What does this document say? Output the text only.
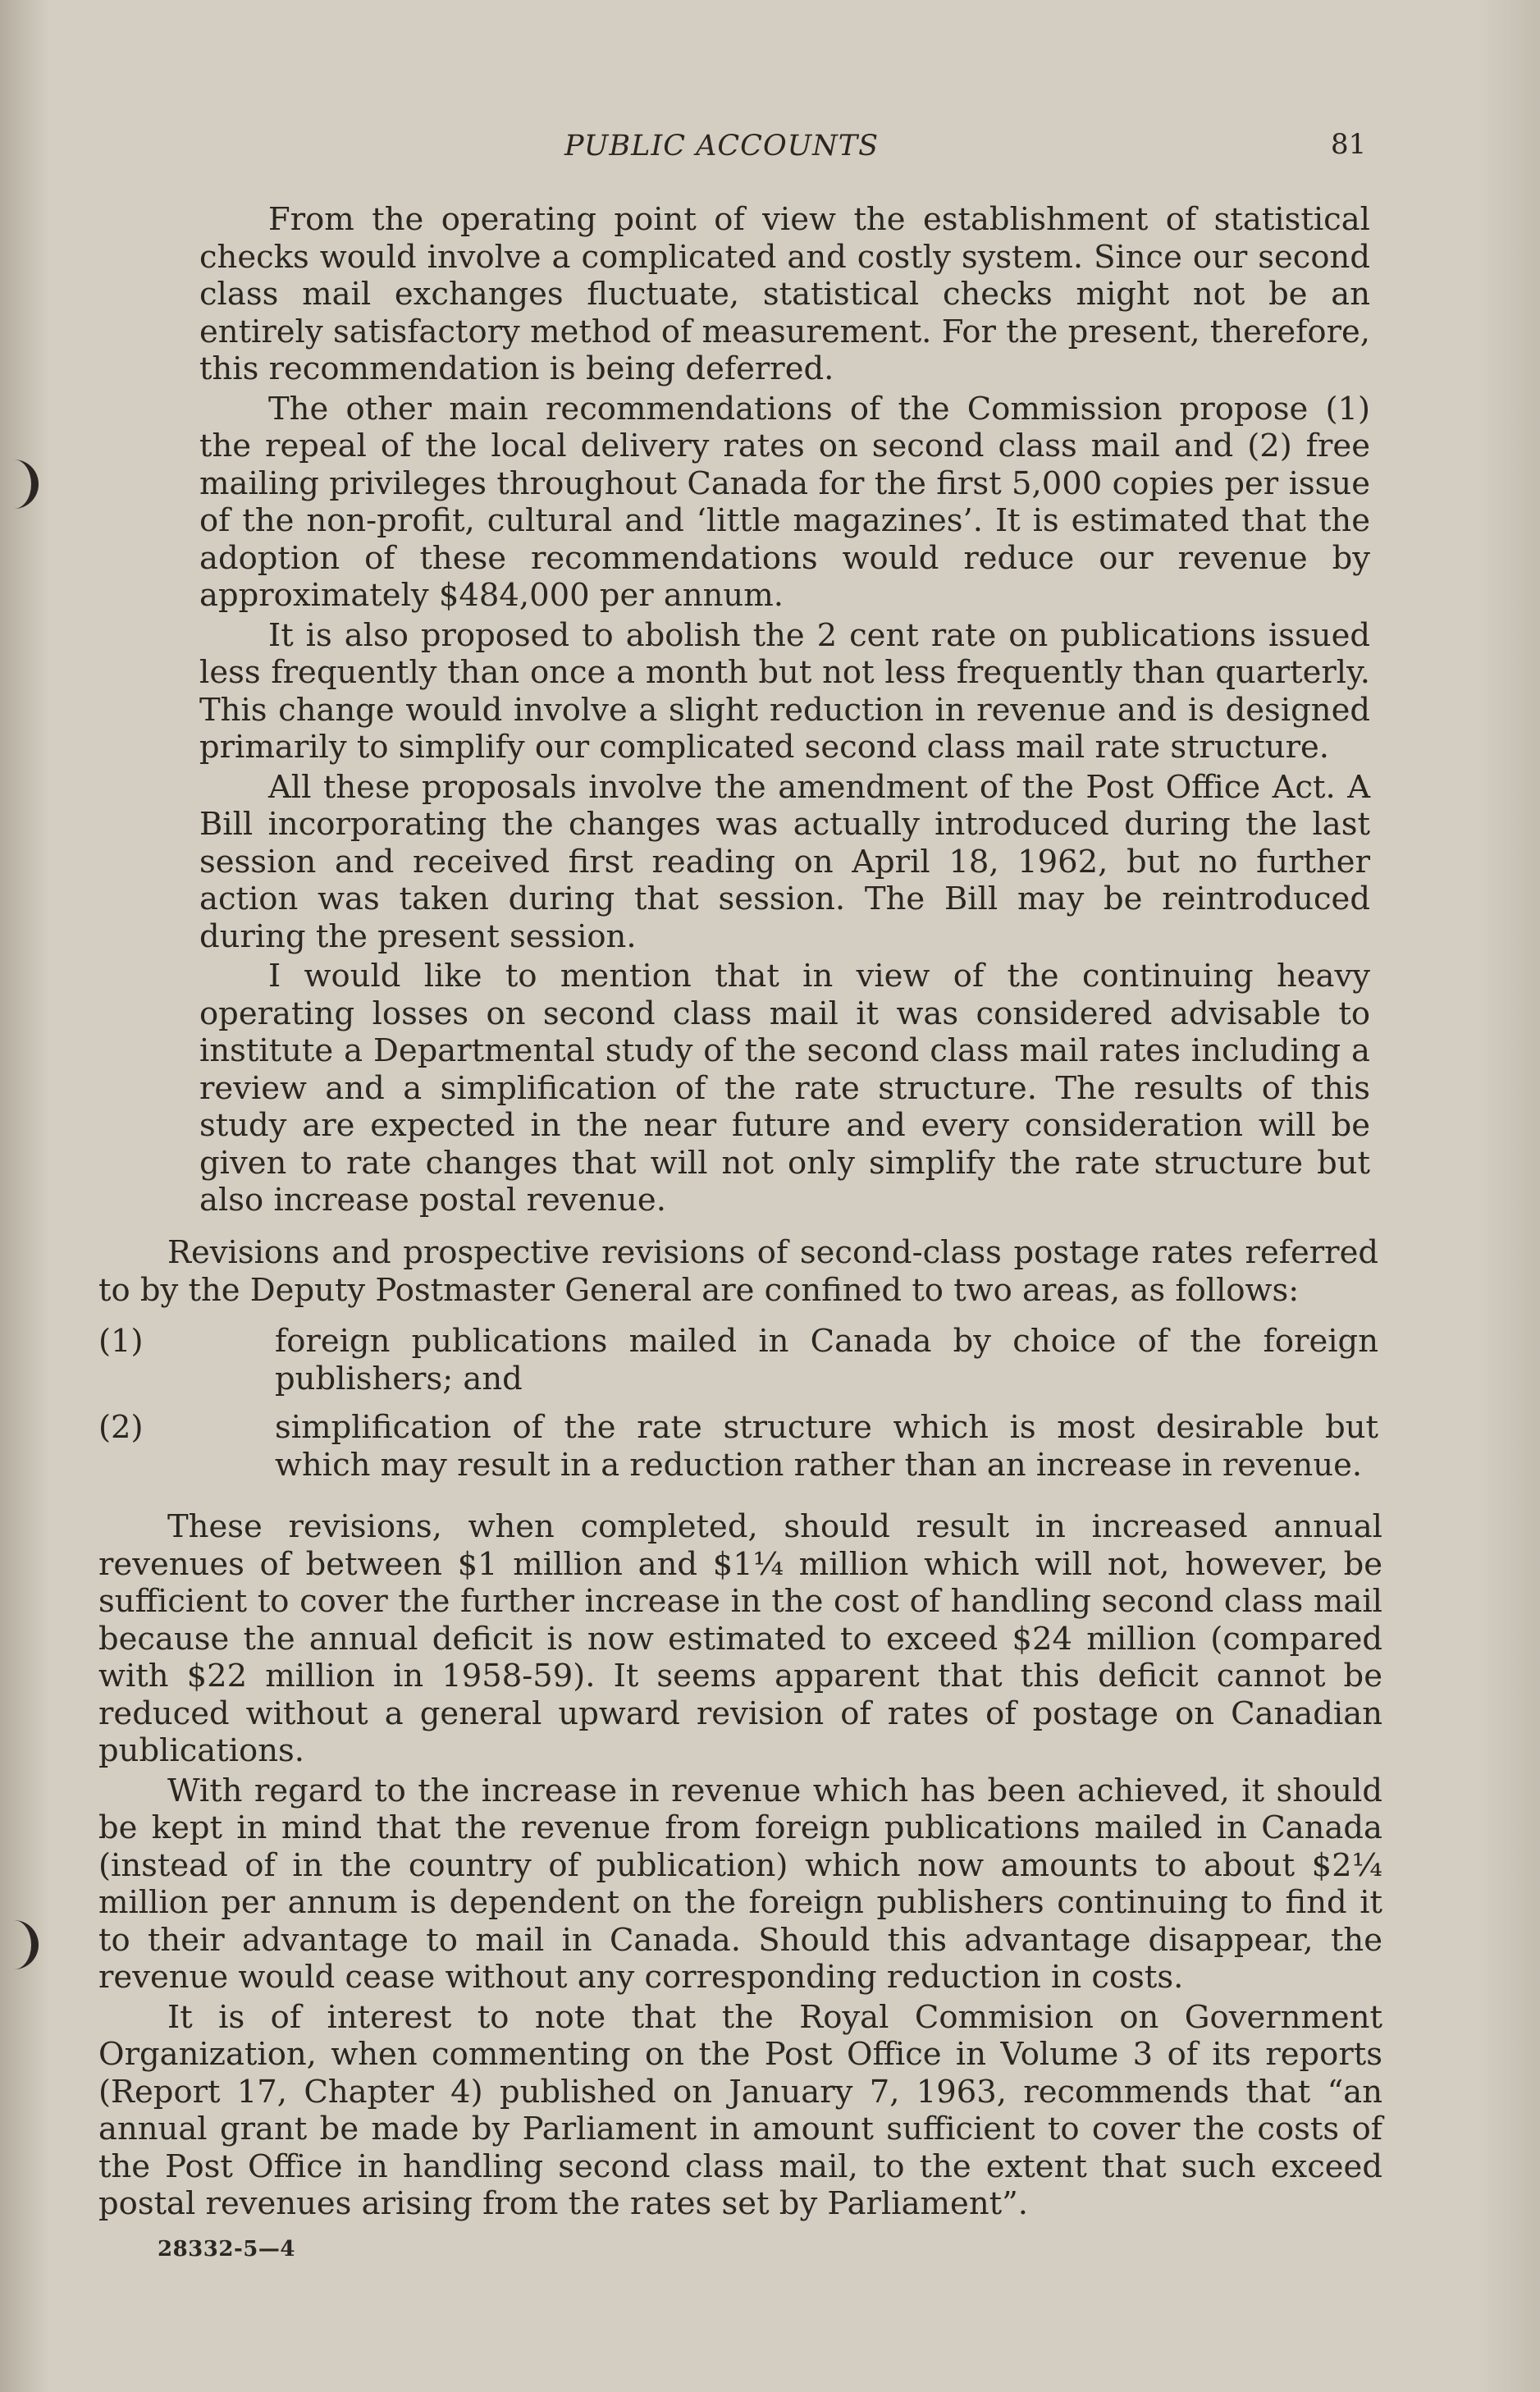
PUBLIC ACCOUNTS	81

From the operating point of view the establishment of statistical checks would involve a complicated and costly system. Since our second class mail exchanges fluctuate, statistical checks might not be an entirely satisfactory method of measurement. For the present, therefore, this recommendation is being deferred.

The other main recommendations of the Commission propose (1) the repeal of the local delivery rates on second class mail and (2) free mailing privileges throughout Canada for the first 5,000 copies per issue of the non-profit, cultural and ‘little magazines’. It is estimated that the adoption of these recommendations would reduce our revenue by approximately $484,000 per annum.

It is also proposed to abolish the 2 cent rate on publications issued less frequently than once a month but not less frequently than quarterly. This change would involve a slight reduction in revenue and is designed primarily to simplify our complicated second class mail rate structure.

All these proposals involve the amendment of the Post Office Act. A Bill incorporating the changes was actually introduced during the last session and received first reading on April 18, 1962, but no further action was taken during that session. The Bill may be reintroduced during the present session.

I would like to mention that in view of the continuing heavy operating losses on second class mail it was considered advisable to institute a Departmental study of the second class mail rates including a review and a simplification of the rate structure. The results of this study are expected in the near future and every consideration will be given to rate changes that will not only simplify the rate structure but also increase postal revenue.

Revisions and prospective revisions of second-class postage rates referred to by the Deputy Postmaster General are confined to two areas, as follows:

(1)	foreign publications mailed in Canada by choice of the foreign publishers; and
(2)	simplification of the rate structure which is most desirable but which may result in a reduction rather than an increase in revenue.

These revisions, when completed, should result in increased annual revenues of between $1 million and $1¼ million which will not, however, be sufficient to cover the further increase in the cost of handling second class mail because the annual deficit is now estimated to exceed $24 million (compared with $22 million in 1958-59). It seems apparent that this deficit cannot be reduced without a general upward revision of rates of postage on Canadian publications.

With regard to the increase in revenue which has been achieved, it should be kept in mind that the revenue from foreign publications mailed in Canada (instead of in the country of publication) which now amounts to about $2¼ million per annum is dependent on the foreign publishers continuing to find it to their advantage to mail in Canada. Should this advantage disappear, the revenue would cease without any corresponding reduction in costs.

It is of interest to note that the Royal Commision on Government Organization, when commenting on the Post Office in Volume 3 of its reports (Report 17, Chapter 4) published on January 7, 1963, recommends that “an annual grant be made by Parliament in amount sufficient to cover the costs of the Post Office in handling second class mail, to the extent that such exceed postal revenues arising from the rates set by Parliament”.

28332-5—4
